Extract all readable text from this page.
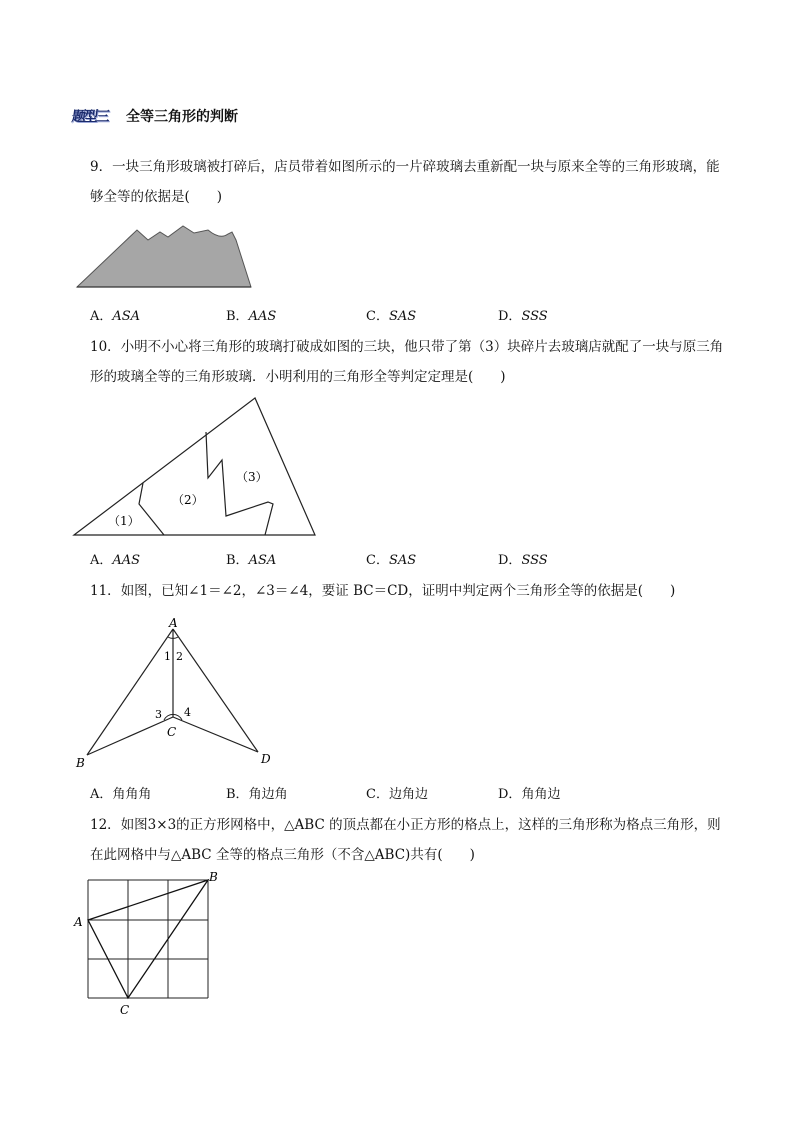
题型三 全等三角形的判断
9．一块三角形玻璃被打碎后，店员带着如图所示的一片碎玻璃去重新配一块与原来全等的三角形玻璃，能
够全等的依据是(　　)
A．ASA	B．AAS	C．SAS	D．SSS
10．小明不小心将三角形的玻璃打破成如图的三块，他只带了第（3）块碎片去玻璃店就配了一块与原三角
形的玻璃全等的三角形玻璃．小明利用的三角形全等判定定理是(　　)
（1）
（2）
（3）
A．AAS	B．ASA	C．SAS	D．SSS
11．如图，已知∠1＝∠2，∠3＝∠4，要证 BC＝CD，证明中判定两个三角形全等的依据是(　　)
A
B
C
D
1 2
3 4
A．角角角	B．角边角	C．边角边	D．角角边
12．如图3×3的正方形网格中，△ABC 的顶点都在小正方形的格点上，这样的三角形称为格点三角形，则
在此网格中与△ABC 全等的格点三角形（不含△ABC)共有(　　)
A
B
C
